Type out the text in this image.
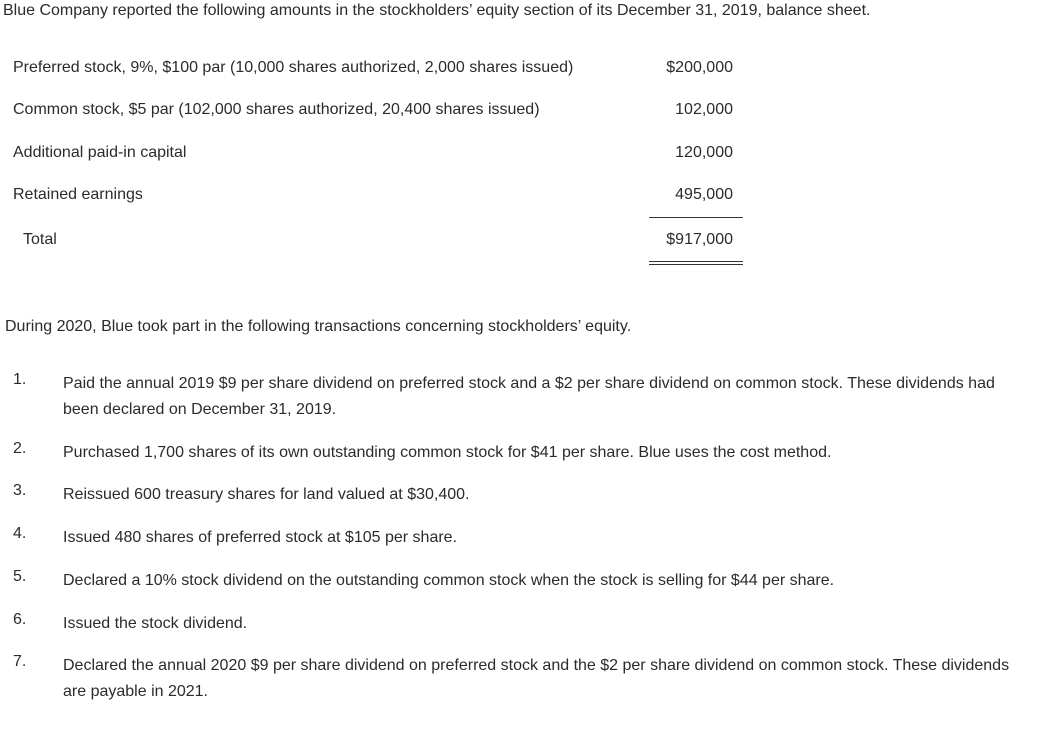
Blue Company reported the following amounts in the stockholders’ equity section of its December 31, 2019, balance sheet.
Preferred stock, 9%, $100 par (10,000 shares authorized, 2,000 shares issued)	$200,000
Common stock, $5 par (102,000 shares authorized, 20,400 shares issued)	102,000
Additional paid-in capital	120,000
Retained earnings	495,000
Total	$917,000
During 2020, Blue took part in the following transactions concerning stockholders’ equity.
1. Paid the annual 2019 $9 per share dividend on preferred stock and a $2 per share dividend on common stock. These dividends had been declared on December 31, 2019.
2. Purchased 1,700 shares of its own outstanding common stock for $41 per share. Blue uses the cost method.
3. Reissued 600 treasury shares for land valued at $30,400.
4. Issued 480 shares of preferred stock at $105 per share.
5. Declared a 10% stock dividend on the outstanding common stock when the stock is selling for $44 per share.
6. Issued the stock dividend.
7. Declared the annual 2020 $9 per share dividend on preferred stock and the $2 per share dividend on common stock. These dividends are payable in 2021.
